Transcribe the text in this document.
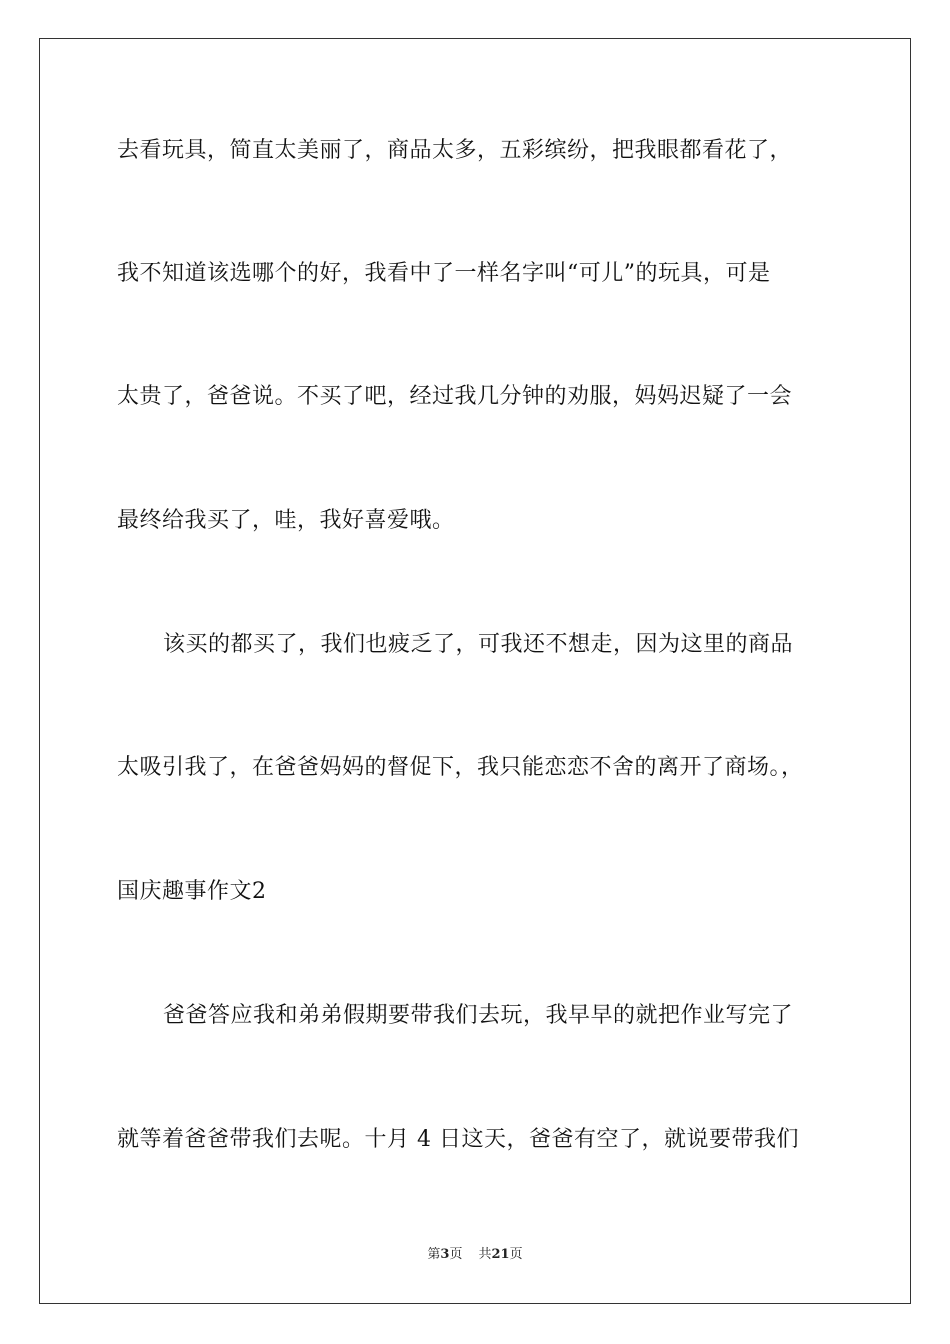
去看玩具，简直太美丽了，商品太多，五彩缤纷，把我眼都看花了，
我不知道该选哪个的好，我看中了一样名字叫“可儿”的玩具，可是
太贵了，爸爸说。不买了吧，经过我几分钟的劝服，妈妈迟疑了一会
最终给我买了，哇，我好喜爱哦。
该买的都买了，我们也疲乏了，可我还不想走，因为这里的商品
太吸引我了，在爸爸妈妈的督促下，我只能恋恋不舍的离开了商场。，
国庆趣事作文2
爸爸答应我和弟弟假期要带我们去玩，我早早的就把作业写完了
就等着爸爸带我们去呢。十月 4 日这天，爸爸有空了，就说要带我们
第3页 共21页
